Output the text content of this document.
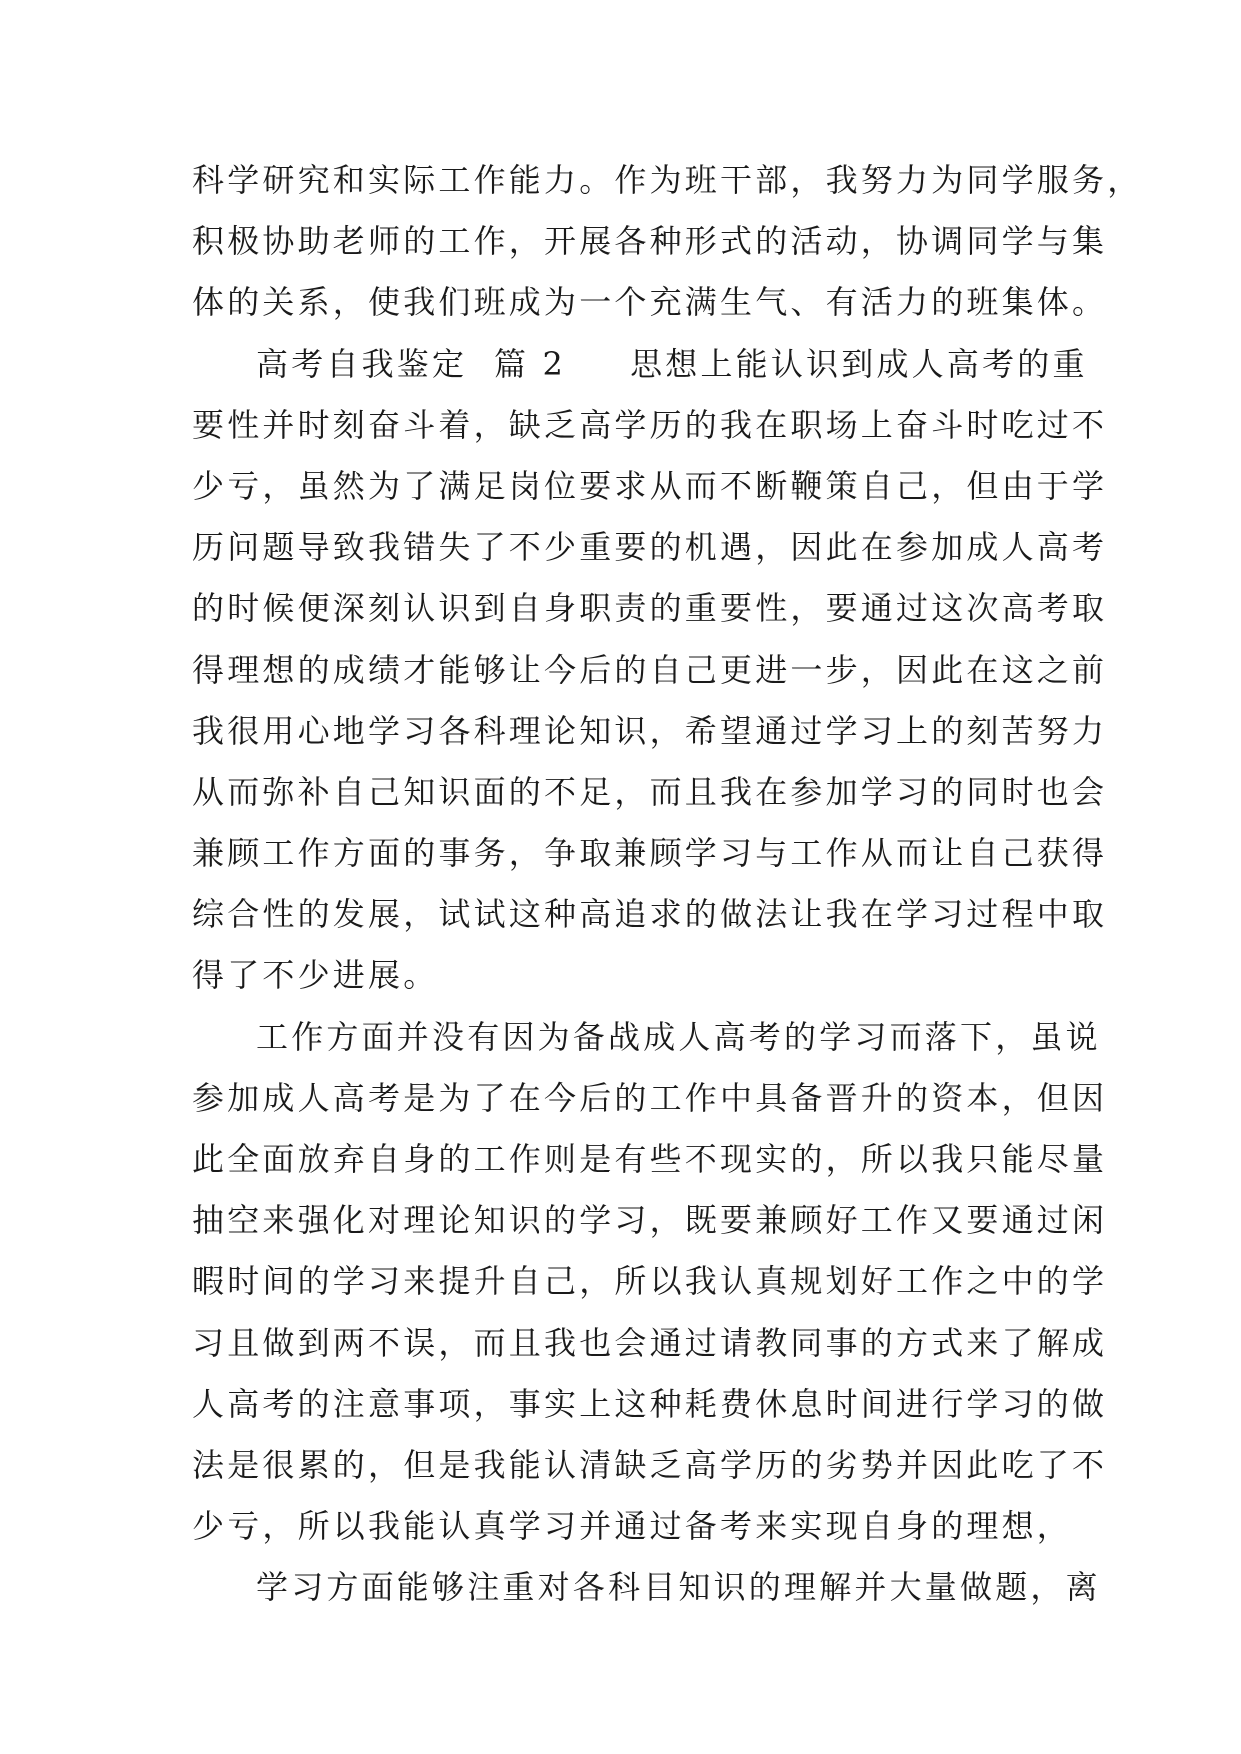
科学研究和实际工作能力。作为班干部，我努力为同学服务，
积极协助老师的工作，开展各种形式的活动，协调同学与集
体的关系，使我们班成为一个充满生气、有活力的班集体。
高考自我鉴定  篇 2 思想上能认识到成人高考的重
要性并时刻奋斗着，缺乏高学历的我在职场上奋斗时吃过不
少亏，虽然为了满足岗位要求从而不断鞭策自己，但由于学
历问题导致我错失了不少重要的机遇，因此在参加成人高考
的时候便深刻认识到自身职责的重要性，要通过这次高考取
得理想的成绩才能够让今后的自己更进一步，因此在这之前
我很用心地学习各科理论知识，希望通过学习上的刻苦努力
从而弥补自己知识面的不足，而且我在参加学习的同时也会
兼顾工作方面的事务，争取兼顾学习与工作从而让自己获得
综合性的发展，试试这种高追求的做法让我在学习过程中取
得了不少进展。
工作方面并没有因为备战成人高考的学习而落下，虽说
参加成人高考是为了在今后的工作中具备晋升的资本，但因
此全面放弃自身的工作则是有些不现实的，所以我只能尽量
抽空来强化对理论知识的学习，既要兼顾好工作又要通过闲
暇时间的学习来提升自己，所以我认真规划好工作之中的学
习且做到两不误，而且我也会通过请教同事的方式来了解成
人高考的注意事项，事实上这种耗费休息时间进行学习的做
法是很累的，但是我能认清缺乏高学历的劣势并因此吃了不
少亏，所以我能认真学习并通过备考来实现自身的理想，
学习方面能够注重对各科目知识的理解并大量做题，离
